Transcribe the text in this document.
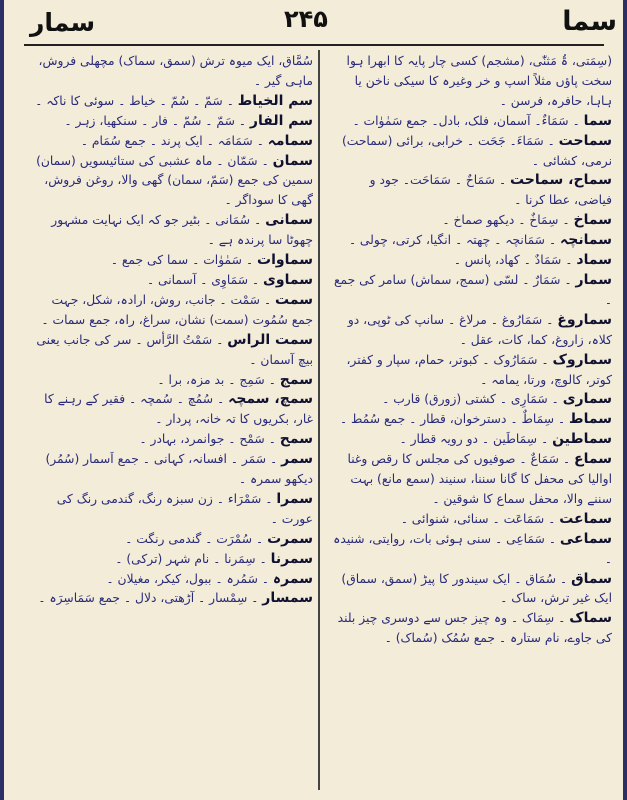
سما
۲۴۵
سمار

(سِمَتی، ۃُ مَثنّٰی، (مشجم) کسی چار پایہ کا ابھرا ہوا سخت پاؤں مثلاً اسپ و خر وغیرہ کا سیکی ناخن یا ہاہا، حافرہ، فرسن ۔

سما ۔ سَمَاءٌ۔ آسمان، فلک، بادل۔ جمع سَمٰوٰات ۔

سماحت ۔ سَمَاءَ۔ جَحَت ۔ خرابی، برائی (سماحت) نرمی، کشائی ۔

سماح، سماحت ۔ سَمَاحٌ ۔ سَمَاحَت۔ جود و فیاضی، عطا کرنا ۔

سماخ ۔ سِمَاخٌ ۔ دیکھو صماخ ۔

سمانچہ ۔ سَمَانچہ ۔ چھتہ ۔ انگیا، کرتی، چولی ۔

سماد ۔ سَمَادٌ ۔ کھاد، پانس ۔

سمار ۔ سَمَارٌ ۔ لسّی (سمج، سماش) سامر کی جمع ۔

سماروغ ۔ سَمَارُوغ ۔ مرلاغ ۔ سانپ کی ٹوپی، دو کلاہ، زاروغ، کما، کات، عقل ۔

سماروک ۔ سَمَارُوک ۔ کبوتر، حمام، سپار و کفتر، کوتر، کالوچ، ورتا، یمامہ ۔

سماری ۔ سَمَارِی ۔ کشتی (زورق) قارب ۔

سماط ۔ سِمَاطٌ ۔ دسترخوان، قطار ۔ جمع سُمُط ۔

سماطین ۔ سِمَاطَین ۔ دو رویہ قطار ۔

سماع ۔ سَمَاعٌ ۔ صوفیوں کی مجلس کا رقص وغنا اوالیا کی محفل کا گانا سننا، سنیند (سمع مانع) بہت سننے والا، محفل سماع کا شوقین ۔

سماعت ۔ سَمَاعَت ۔ سنائی، شنوائی ۔

سماعی ۔ سَمَاعِی ۔ سنی ہوئی بات، روایتی، شنیدہ ۔

سماق ۔ سُمَاق ۔ ایک سیندور کا پیڑ (سمق، سماق) ایک غیر ترش، ساک ۔

سماک ۔ سِمَاک ۔ وہ چیز جس سے دوسری چیز بلند کی جاوے، نام ستارہ ۔ جمع سُمُک (سُماک) ۔

سُمَّاق، ایک میوہ ترش (سمق، سماک) مچھلی فروش، ماہی گیر ۔

سم الخیاط ۔ سَمّ ۔ سُمّ ۔ خیاط ۔ سوئی کا ناکہ ۔

سم الفار ۔ سَمّ ۔ سُمّ ۔ فار ۔ سنکھیا، زہر ۔

سمامہ ۔ سَمَامَہ ۔ ایک پرند ۔ جمع سُمَام ۔

سمان ۔ سَمّان ۔ ماہ عشبی کی ستائیسویں (سمان) سمین کی جمع (سَمّ، سمان) گھی والا، روغن فروش، گھی کا سوداگر ۔

سمانی ۔ سُمَانی ۔ بٹیر جو کہ ایک نہایت مشہور چھوٹا سا پرندہ ہے ۔

سماوات ۔ سَمٰوٰات ۔ سما کی جمع ۔

سماوی ۔ سَمَاوِی ۔ آسمانی ۔

سمت ۔ سَمْت ۔ جانب، روش، ارادہ، شکل، جہت جمع سُمُوت (سمت) نشان، سراغ، راہ، جمع سمات ۔

سمت الراس ۔ سَمْتُ الرَّأس ۔ سر کی جانب یعنی بیچ آسمان ۔

سمج ۔ سَمِج ۔ بد مزہ، برا ۔

سمچ، سمچہ ۔ سُمُچ ۔ سُمچہ ۔ فقیر کے رہنے کا غار، بکریوں کا تہ خانہ، پردار ۔

سمح ۔ سَمْح ۔ جوانمرد، بہادر ۔

سمر ۔ سَمَر ۔ افسانہ، کہانی ۔ جمع اَسمار (سُمُر) دیکھو سمرہ ۔

سمرا ۔ سَمْرَاء ۔ زن سبزہ رنگ، گندمی رنگ کی عورت ۔

سمرت ۔ سُمْرَت ۔ گندمی رنگت ۔

سمرنا ۔ سِمَرنا ۔ نام شہر (ترکی) ۔

سمرہ ۔ سَمُرہ ۔ ببول، کیکر، مغیلان ۔

سمسار ۔ سِمْسار ۔ آڑھتی، دلال ۔ جمع سَمَاسِرَہ ۔
